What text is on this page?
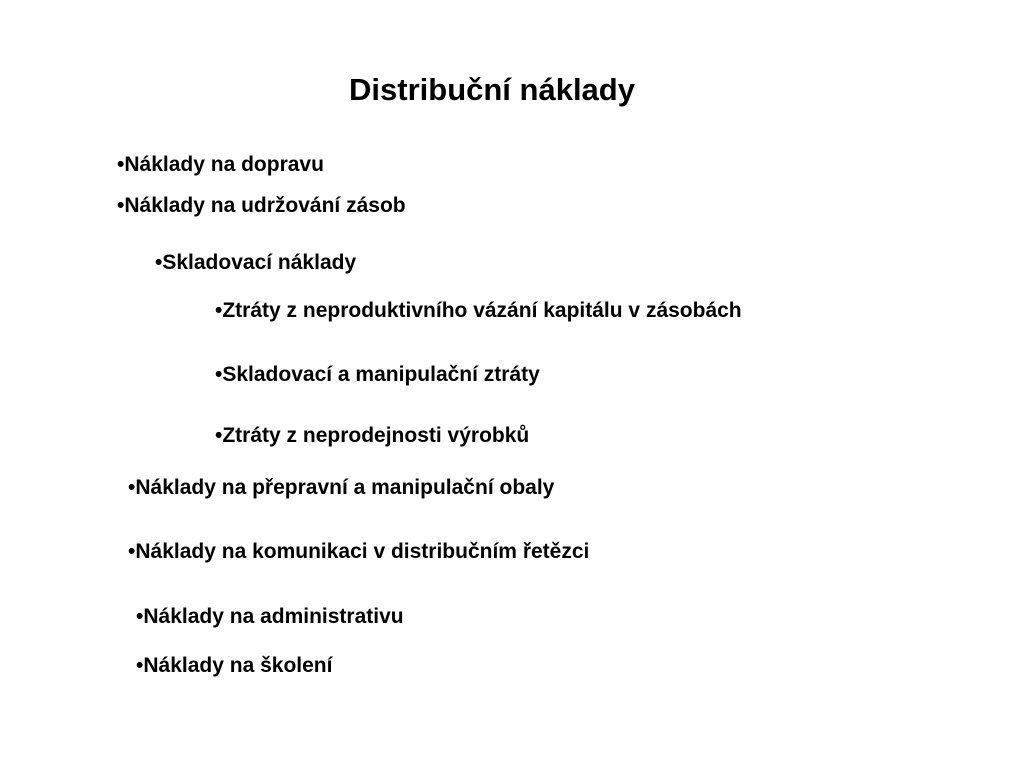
Distribuční náklady
•Náklady na dopravu
•Náklady na udržování zásob
•Skladovací náklady
•Ztráty z neproduktivního vázání kapitálu v zásobách
•Skladovací a manipulační ztráty
•Ztráty z neprodejnosti výrobků
•Náklady na přepravní a manipulační obaly
•Náklady na komunikaci v distribučním řetězci
•Náklady na administrativu
•Náklady na školení
